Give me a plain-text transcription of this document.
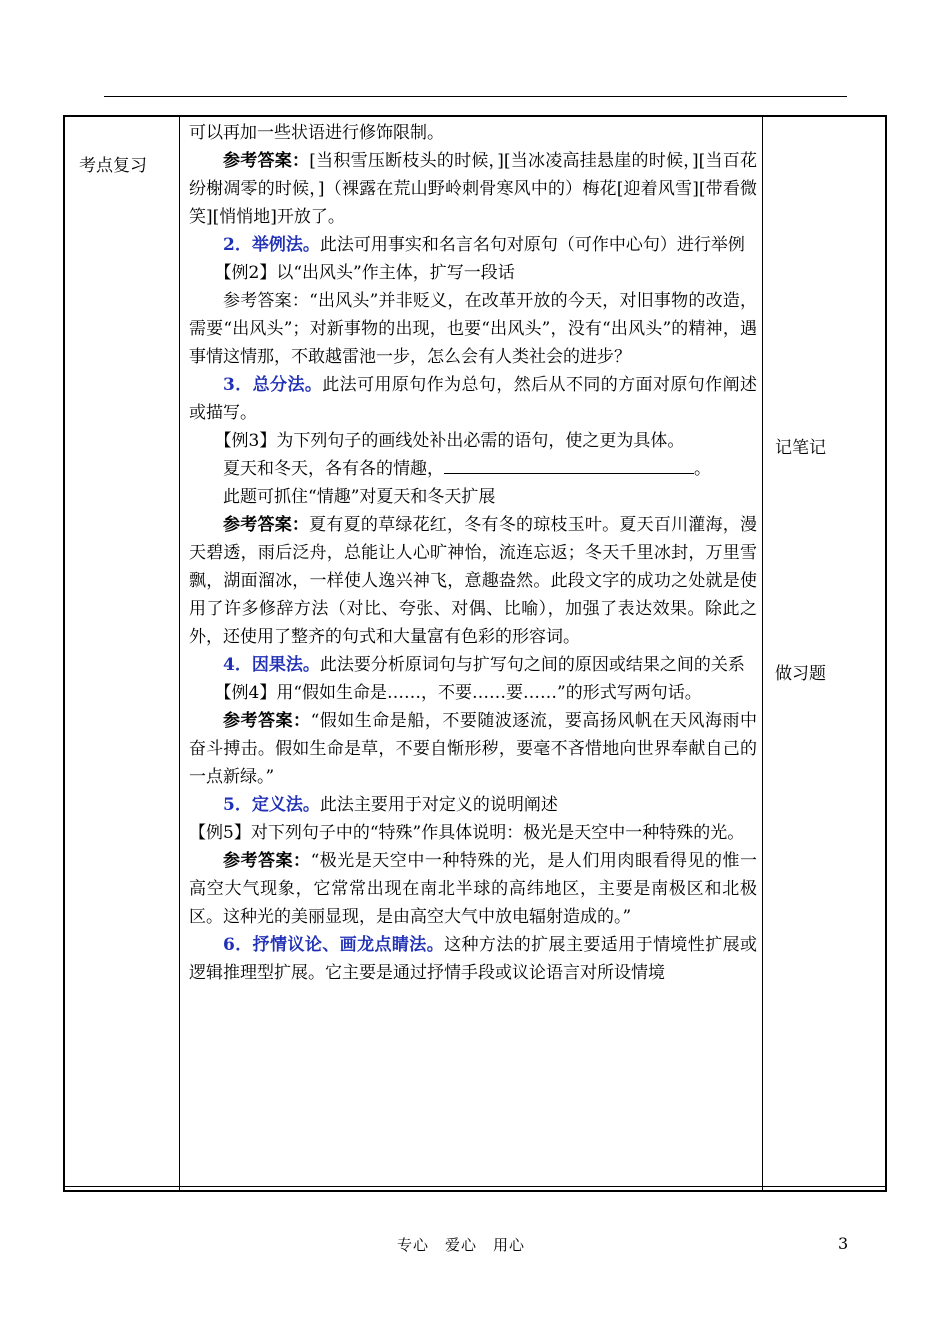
考点复习
记笔记
做习题

可以再加一些状语进行修饰限制。

参考答案：[当积雪压断枝头的时候，][当冰凌高挂悬崖的时候，][当百花纷榭凋零的时候，]（裸露在荒山野岭刺骨寒风中的）梅花[迎着风雪][带看微笑][悄悄地]开放了。

2．举例法。此法可用事实和名言名句对原句（可作中心句）进行举例

【例2】以“出风头”作主体，扩写一段话

参考答案：“出风头”并非贬义，在改革开放的今天，对旧事物的改造，需要“出风头”；对新事物的出现，也要“出风头”，没有“出风头”的精神，遇事情这情那，不敢越雷池一步，怎么会有人类社会的进步？

3．总分法。此法可用原句作为总句，然后从不同的方面对原句作阐述或描写。

【例3】为下列句子的画线处补出必需的语句，使之更为具体。

夏天和冬天，各有各的情趣，	。

此题可抓住“情趣”对夏天和冬天扩展

参考答案：夏有夏的草绿花红，冬有冬的琼枝玉叶。夏天百川灌海，漫天碧透，雨后泛舟，总能让人心旷神怡，流连忘返；冬天千里冰封，万里雪飘，湖面溜冰，一样使人逸兴神飞，意趣盎然。此段文字的成功之处就是使用了许多修辞方法（对比、夸张、对偶、比喻），加强了表达效果。除此之外，还使用了整齐的句式和大量富有色彩的形容词。

4．因果法。此法要分析原词句与扩写句之间的原因或结果之间的关系

【例4】用“假如生命是……，不要……要……”的形式写两句话。

参考答案：“假如生命是船，不要随波逐流，要高扬风帆在天风海雨中奋斗搏击。假如生命是草，不要自惭形秽，要毫不吝惜地向世界奉献自己的一点新绿。”

5．定义法。此法主要用于对定义的说明阐述

【例5】对下列句子中的“特殊”作具体说明：极光是天空中一种特殊的光。

参考答案：“极光是天空中一种特殊的光，是人们用肉眼看得见的惟一高空大气现象，它常常出现在南北半球的高纬地区，主要是南极区和北极区。这种光的美丽显现，是由高空大气中放电辐射造成的。”

6．抒情议论、画龙点睛法。这种方法的扩展主要适用于情境性扩展或逻辑推理型扩展。它主要是通过抒情手段或议论语言对所设情境

专心　爱心　用心	3
